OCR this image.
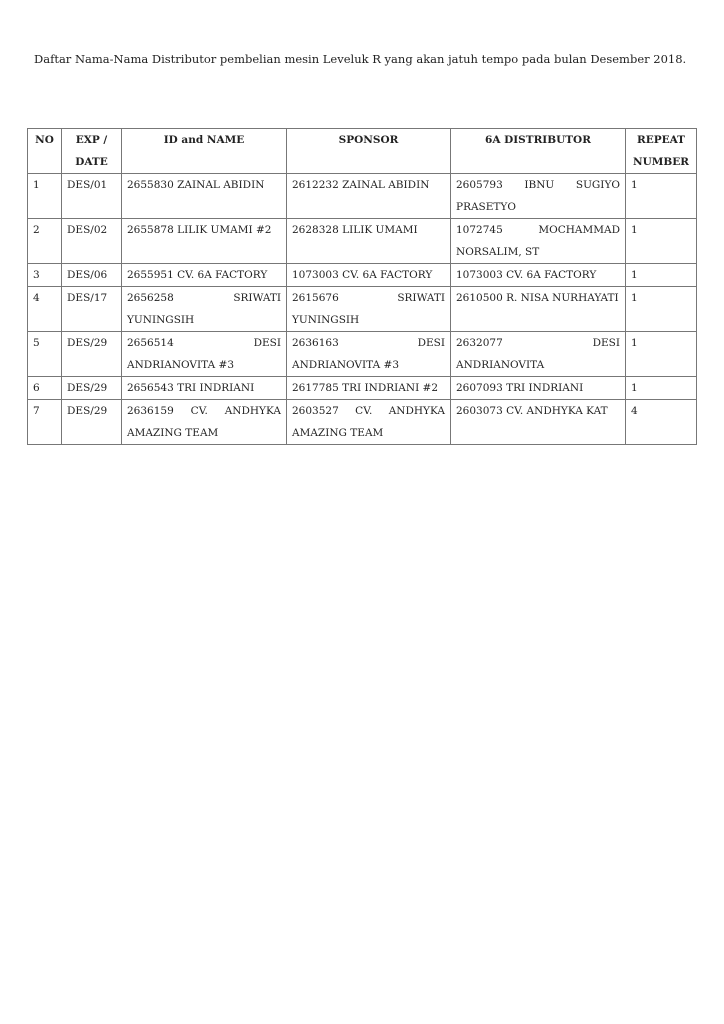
Daftar Nama-Nama Distributor pembelian mesin Leveluk R yang akan jatuh tempo pada bulan Desember 2018.

NO	EXP / DATE	ID and NAME	SPONSOR	6A DISTRIBUTOR	REPEAT NUMBER
1	DES/01	2655830 ZAINAL ABIDIN	2612232 ZAINAL ABIDIN	2605793 IBNU SUGIYO PRASETYO	1
2	DES/02	2655878 LILIK UMAMI #2	2628328 LILIK UMAMI	1072745 MOCHAMMAD NORSALIM, ST	1
3	DES/06	2655951 CV. 6A FACTORY	1073003 CV. 6A FACTORY	1073003 CV. 6A FACTORY	1
4	DES/17	2656258 SRIWATI YUNINGSIH	2615676 SRIWATI YUNINGSIH	2610500 R. NISA NURHAYATI	1
5	DES/29	2656514 DESI ANDRIANOVITA #3	2636163 DESI ANDRIANOVITA #3	2632077 DESI ANDRIANOVITA	1
6	DES/29	2656543 TRI INDRIANI	2617785 TRI INDRIANI #2	2607093 TRI INDRIANI	1
7	DES/29	2636159 CV. ANDHYKA AMAZING TEAM	2603527 CV. ANDHYKA AMAZING TEAM	2603073 CV. ANDHYKA KAT	4
